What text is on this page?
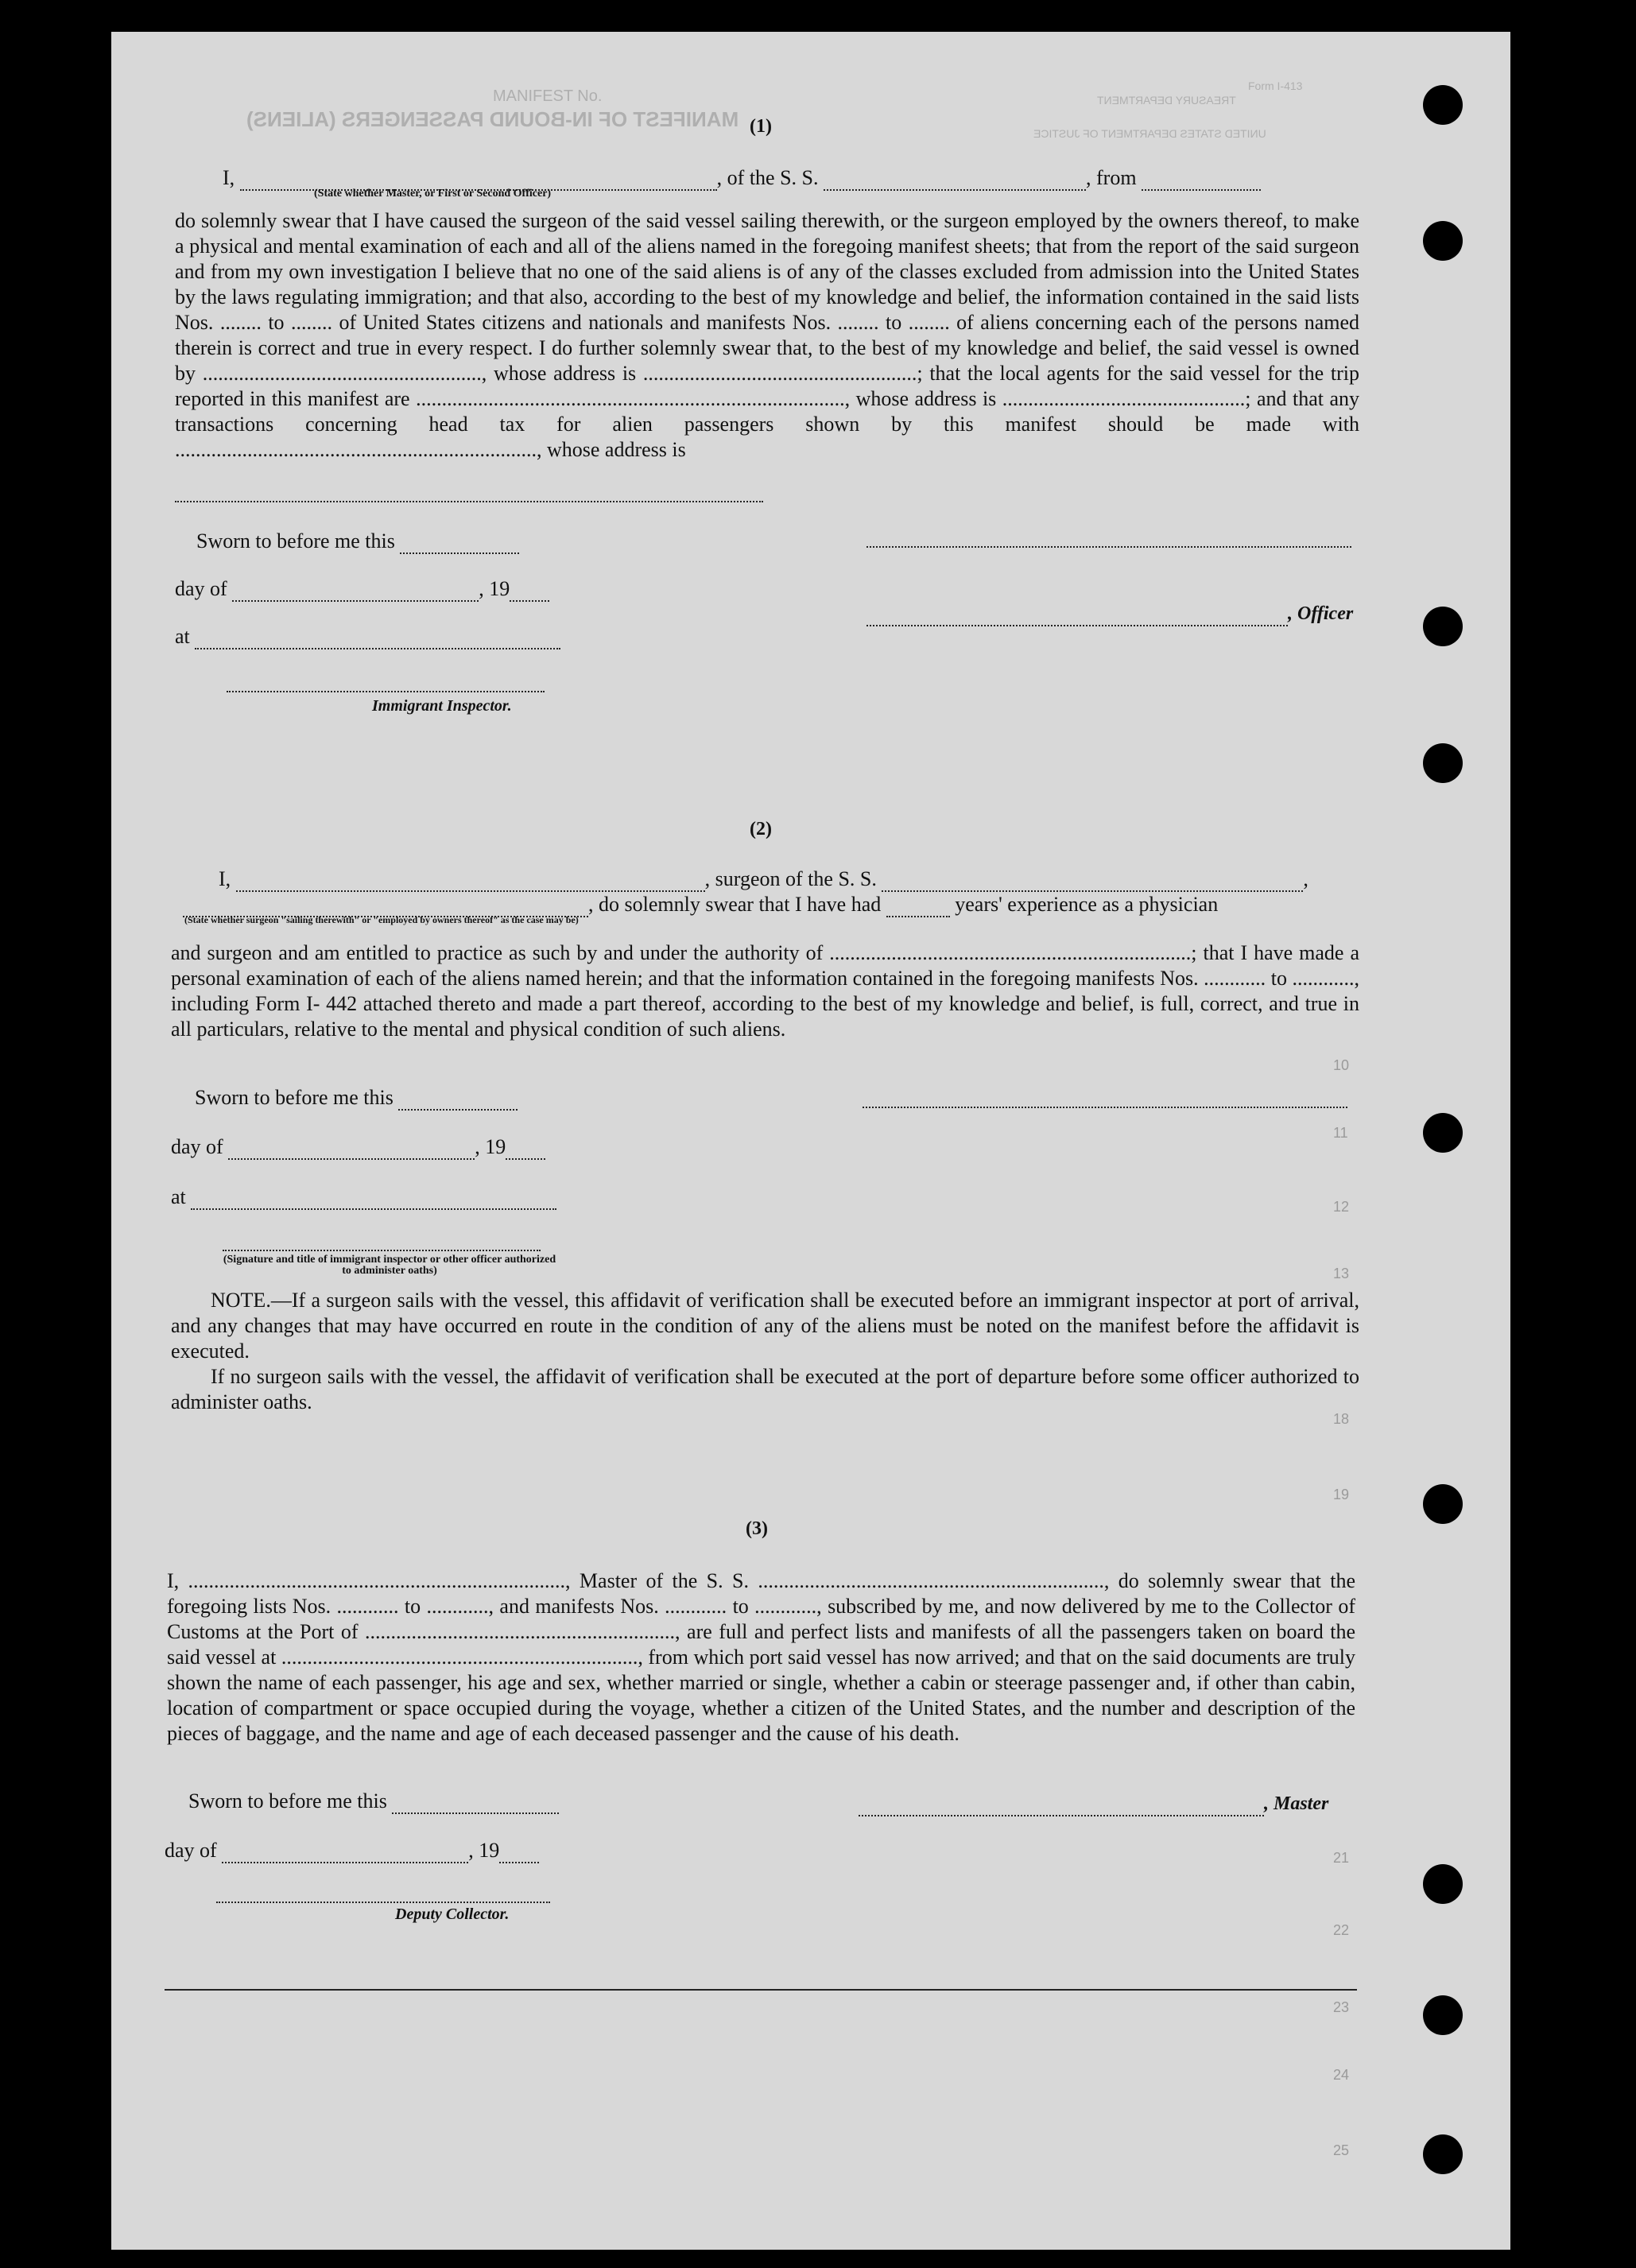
MANIFEST No.
MANIFEST OF IN-BOUND PASSENGERS (ALIENS)
Form I-413
TREASURY DEPARTMENT
UNITED STATES DEPARTMENT OF JUSTICE
(1)
I,	, of the S. S.	, from
(State whether Master, or First or Second Officer)
do solemnly swear that I have caused the surgeon of the said vessel sailing therewith, or the surgeon employed by the owners thereof, to make a physical and mental examination of each and all of the aliens named in the foregoing manifest sheets; that from the report of the said surgeon and from my own investigation I believe that no one of the said aliens is of any of the classes excluded from admission into the United States by the laws regulating immigration; and that also, according to the best of my knowledge and belief, the information contained in the said lists Nos. ........ to ........ of United States citizens and nationals and manifests Nos. ........ to ........ of aliens concerning each of the persons named therein is correct and true in every respect. I do further solemnly swear that, to the best of my knowledge and belief, the said vessel is owned by ......................................................, whose address is .....................................................; that the local agents for the said vessel for the trip reported in this manifest are ..................................................................................., whose address is ...............................................; and that any transactions concerning head tax for alien passengers shown by this manifest should be made with ......................................................................, whose address is
Sworn to before me this
day of	, 19
, Officer
at
Immigrant Inspector.
(2)
I,	, surgeon of the S. S.	,
, do solemnly swear that I have had	years' experience as a physician
(State whether surgeon "sailing therewith" or "employed by owners thereof" as the case may be)
and surgeon and am entitled to practice as such by and under the authority of ......................................................................; that I have made a personal examination of each of the aliens named herein; and that the information contained in the foregoing manifests Nos. ............ to ............, including Form I- 442 attached thereto and made a part thereof, according to the best of my knowledge and belief, is full, correct, and true in all particulars, relative to the mental and physical condition of such aliens.
Sworn to before me this
day of	, 19
at
(Signature and title of immigrant inspector or other officer authorized to administer oaths)
NOTE.—If a surgeon sails with the vessel, this affidavit of verification shall be executed before an immigrant inspector at port of arrival, and any changes that may have occurred en route in the condition of any of the aliens must be noted on the manifest before the affidavit is executed.
If no surgeon sails with the vessel, the affidavit of verification shall be executed at the port of departure before some officer authorized to administer oaths.
(3)
I, ........................................................................., Master of the S. S. ..................................................................., do solemnly swear that the foregoing lists Nos. ............ to ............, and manifests Nos. ............ to ............, subscribed by me, and now delivered by me to the Collector of Customs at the Port of ............................................................, are full and perfect lists and manifests of all the passengers taken on board the said vessel at ....................................................................., from which port said vessel has now arrived; and that on the said documents are truly shown the name of each passenger, his age and sex, whether married or single, whether a cabin or steerage passenger and, if other than cabin, location of compartment or space occupied during the voyage, whether a citizen of the United States, and the number and description of the pieces of baggage, and the name and age of each deceased passenger and the cause of his death.
Sworn to before me this	, Master
day of	, 19
Deputy Collector.
10
11
12
13
18
19
21
22
23
24
25
